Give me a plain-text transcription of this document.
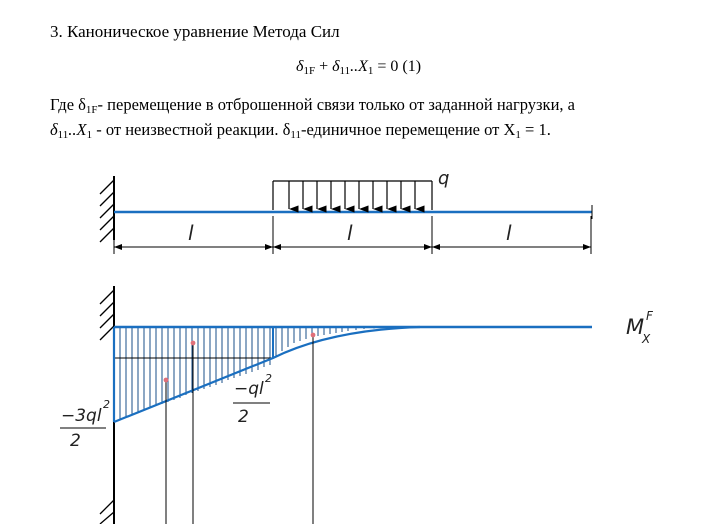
3. Каноническое уравнение Метода Сил
$\delta_{1F} + \delta_{11}..X_1 = 0$ (1)
Где $\delta_{1F}-$ перемещение в отброшенной связи только от заданной нагрузки, а
$\delta_{11}..X_1$ - от неизвестной реакции. $\delta_{11}$-единичное перемещение от $X_1 = 1$.
q
l	l	l
M F
X
−3ql
2
2
−ql
2
2
